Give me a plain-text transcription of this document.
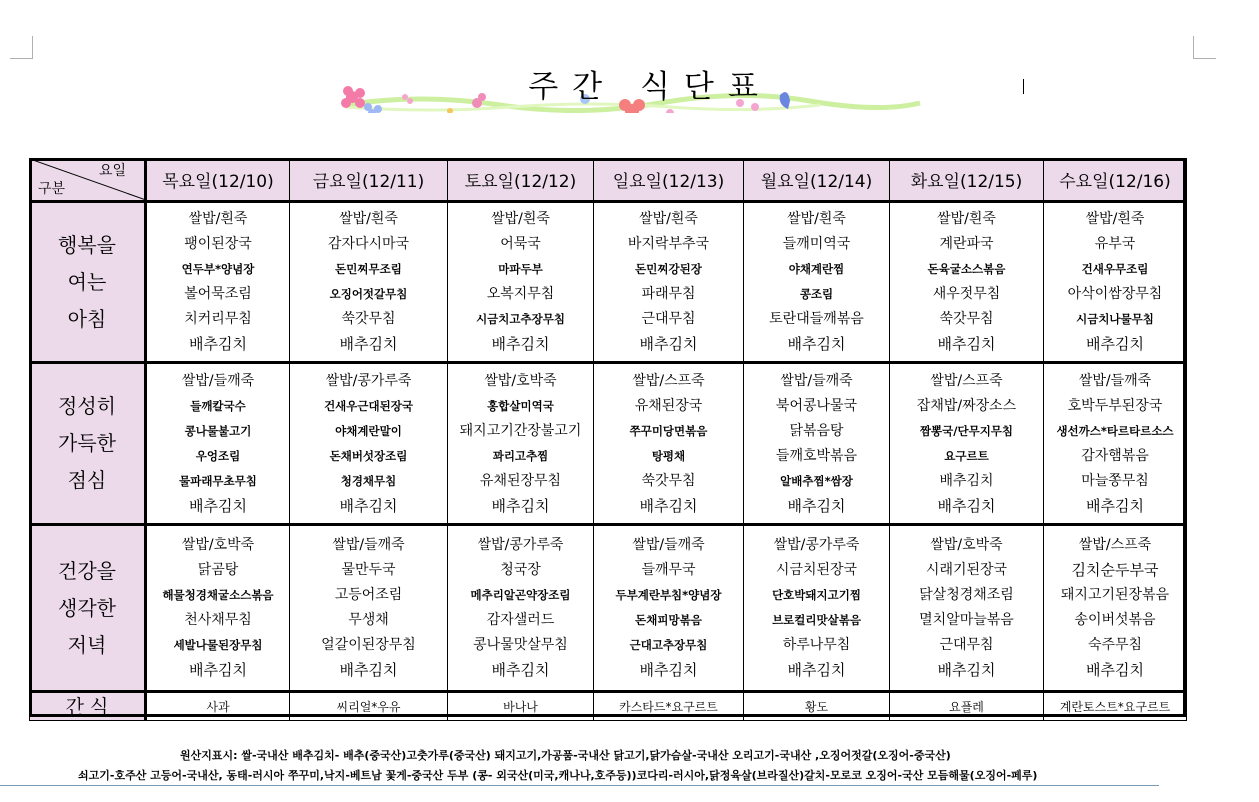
주간 식단표
요일
구분	목요일(12/10)	금요일(12/11)	토요일(12/12)	일요일(12/13)	월요일(12/14)	화요일(12/15)	수요일(12/16)

행복을
여는
아침

쌀밥/흰죽
팽이된장국
연두부*양념장
볼어묵조림
치커리무침
배추김치

쌀밥/흰죽
감자다시마국
돈민찌무조림
오징어젓갈무침
쑥갓무침
배추김치

쌀밥/흰죽
어묵국
마파두부
오복지무침
시금치고추장무침
배추김치

쌀밥/흰죽
바지락부추국
돈민찌강된장
파래무침
근대무침
배추김치

쌀밥/흰죽
들깨미역국
야채계란찜
콩조림
토란대들깨볶음
배추김치

쌀밥/흰죽
계란파국
돈육굴소스볶음
새우젓무침
쑥갓무침
배추김치

쌀밥/흰죽
유부국
건새우무조림
아삭이쌈장무침
시금치나물무침
배추김치

정성히
가득한
점심

쌀밥/들깨죽
들깨칼국수
콩나물불고기
우엉조림
물파래무초무침
배추김치

쌀밥/콩가루죽
건새우근대된장국
야채계란말이
돈채버섯장조림
청경채무침
배추김치

쌀밥/호박죽
홍합살미역국
돼지고기간장불고기
꽈리고추찜
유채된장무침
배추김치

쌀밥/스프죽
유채된장국
쭈꾸미당면볶음
탕평채
쑥갓무침
배추김치

쌀밥/들깨죽
북어콩나물국
닭볶음탕
들깨호박볶음
알배추찜*쌈장
배추김치

쌀밥/스프죽
잡채밥/짜장소스
짬뽕국/단무지무침
요구르트
배추김치
배추김치

쌀밥/들깨죽
호박두부된장국
생선까스*타르타르소스
감자햄볶음
마늘쫑무침
배추김치

건강을
생각한
저녁

쌀밥/호박죽
닭곰탕
해물청경채굴소스볶음
천사채무침
세발나물된장무침
배추김치

쌀밥/들깨죽
물만두국
고등어조림
무생채
얼갈이된장무침
배추김치

쌀밥/콩가루죽
청국장
메추리알곤약장조림
감자샐러드
콩나물맛살무침
배추김치

쌀밥/들깨죽
들깨무국
두부계란부침*양념장
돈채피망볶음
근대고추장무침
배추김치

쌀밥/콩가루죽
시금치된장국
단호박돼지고기찜
브로컬리맛살볶음
하루나무침
배추김치

쌀밥/호박죽
시래기된장국
닭살청경채조림
멸치알마늘볶음
근대무침
배추김치

쌀밥/스프죽
김치순두부국
돼지고기된장볶음
송이버섯볶음
숙주무침
배추김치

간 식	사과	씨리얼*우유	바나나	카스타드*요구르트	황도	요플레	계란토스트*요구르트
원산지표시: 쌀-국내산 배추김치- 배추(중국산)고춧가루(중국산) 돼지고기,가공품-국내산 닭고기,닭가슴살-국내산 오리고기-국내산 ,오징어젓갈(오징어-중국산)
쇠고기-호주산 고등어-국내산, 동태-러시아 쭈꾸미,낙지-베트남 꽃게-중국산 두부 (콩- 외국산(미국,캐나나,호주등))코다리-러시아,닭정육살(브라질산)갈치-모로코 오징어-국산 모듬해물(오징어-페루)
